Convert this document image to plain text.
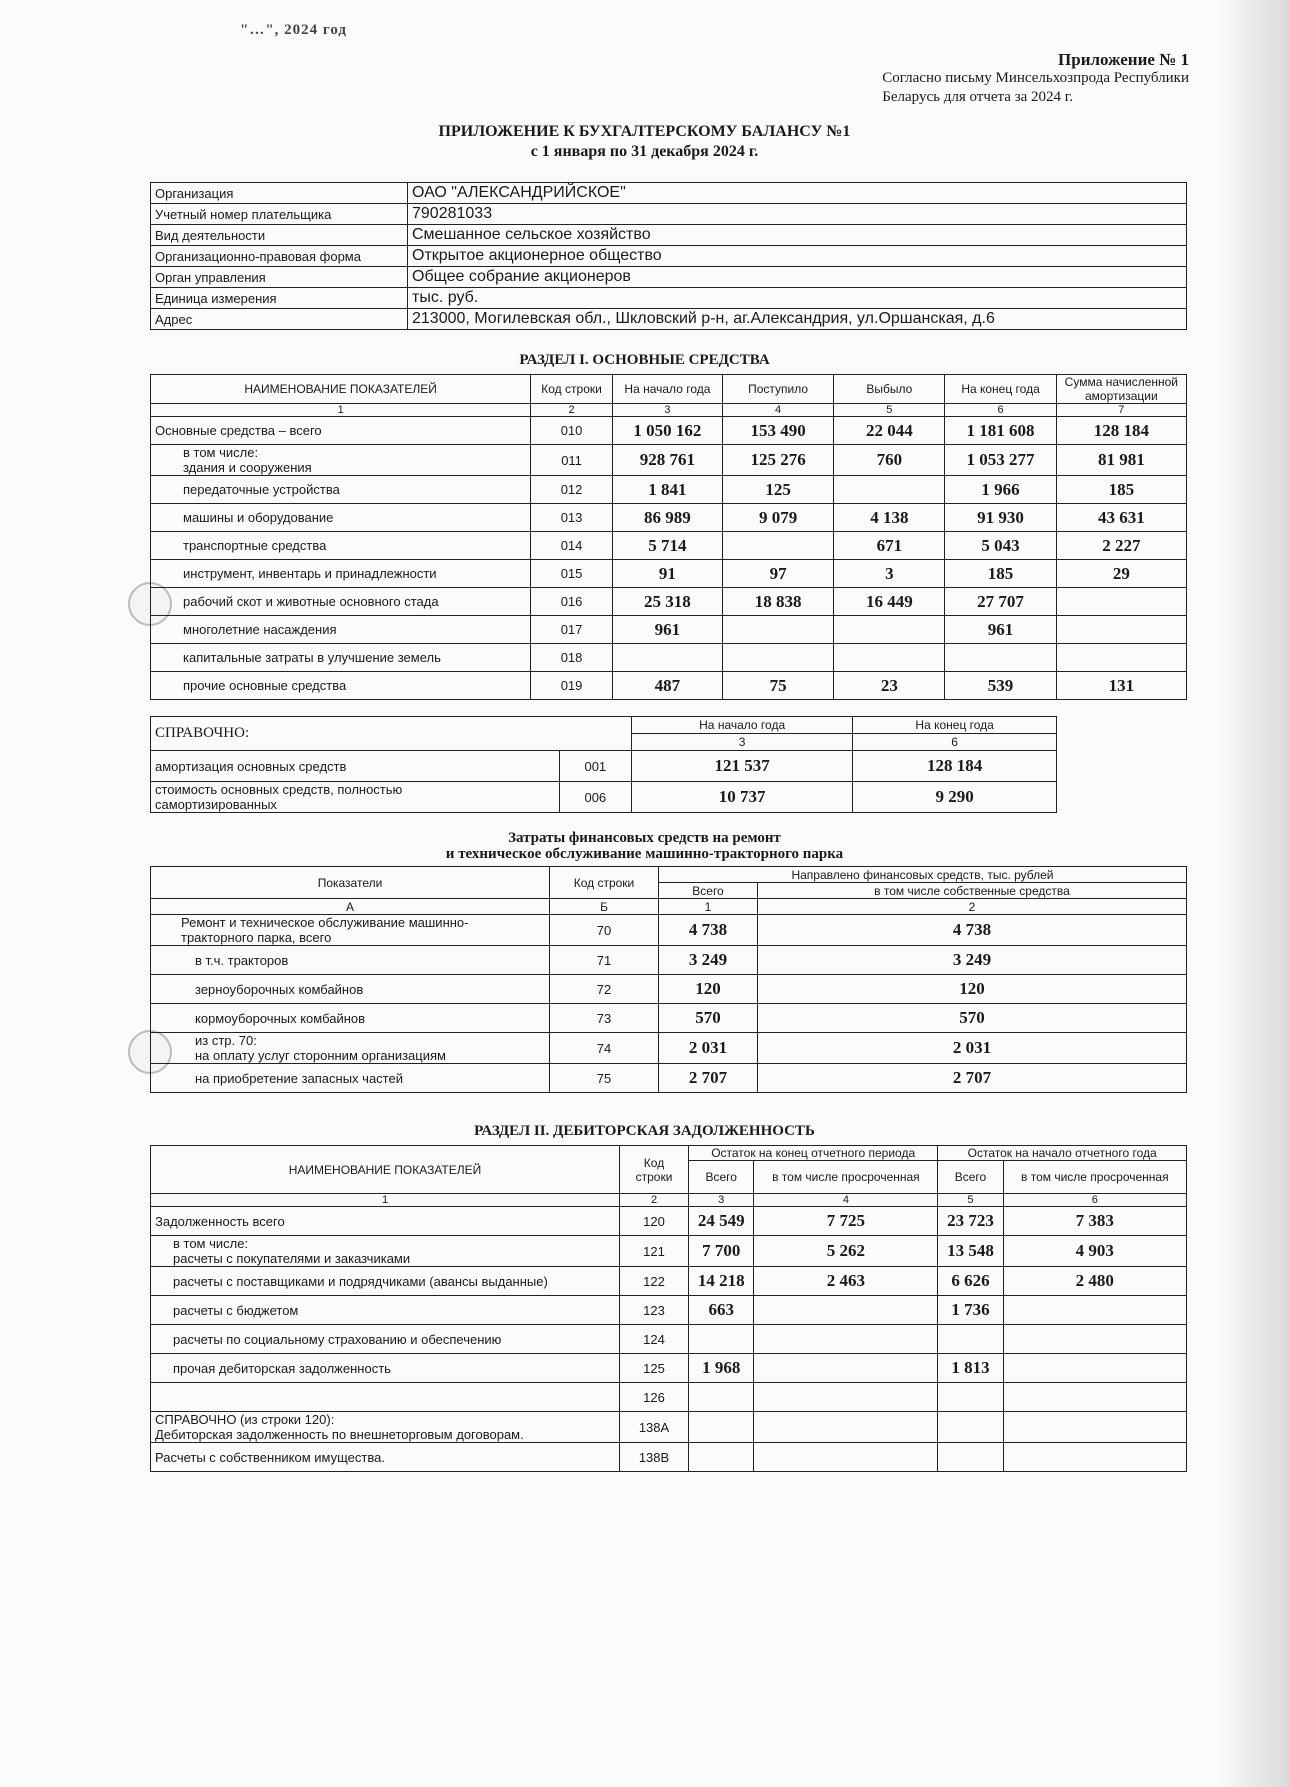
"…", 2024 год
Приложение № 1
Согласно письму Минсельхозпрода Республики
Беларусь для отчета за 2024 г.
ПРИЛОЖЕНИЕ К БУХГАЛТЕРСКОМУ БАЛАНСУ №1
с 1 января по 31 декабря 2024 г.
Организация	ОАО "АЛЕКСАНДРИЙСКОЕ"
Учетный номер плательщика	790281033
Вид деятельности	Смешанное сельское хозяйство
Организационно-правовая форма	Открытое акционерное общество
Орган управления	Общее собрание акционеров
Единица измерения	тыс. руб.
Адрес	213000, Могилевская обл., Шкловский р-н, аг.Александрия, ул.Оршанская, д.6
РАЗДЕЛ I. ОСНОВНЫЕ СРЕДСТВА
НАИМЕНОВАНИЕ ПОКАЗАТЕЛЕЙ	Код строки	На начало года	Поступило	Выбыло	На конец года	Сумма начисленной амортизации
1	2	3	4	5	6	7
Основные средства – всего	010	1 050 162	153 490	22 044	1 181 608	128 184
в том числе:
здания и сооружения	011	928 761	125 276	760	1 053 277	81 981
передаточные устройства	012	1 841	125		1 966	185
машины и оборудование	013	86 989	9 079	4 138	91 930	43 631
транспортные средства	014	5 714		671	5 043	2 227
инструмент, инвентарь и принадлежности	015	91	97	3	185	29
рабочий скот и животные основного стада	016	25 318	18 838	16 449	27 707	
многолетние насаждения	017	961			961	
капитальные затраты в улучшение земель	018					
прочие основные средства	019	487	75	23	539	131
СПРАВОЧНО:		На начало года	На конец года
		3	6
амортизация основных средств	001	121 537	128 184
стоимость основных средств, полностью
самортизированных	006	10 737	9 290
Затраты финансовых средств на ремонт
и техническое обслуживание машинно-тракторного парка
Показатели	Код строки	Направлено финансовых средств, тыс. рублей	
		Всего	в том числе собственные средства
А	Б	1	2
Ремонт и техническое обслуживание машинно-
тракторного парка, всего	70	4 738	4 738
в т.ч. тракторов	71	3 249	3 249
зерноуборочных комбайнов	72	120	120
кормоуборочных комбайнов	73	570	570
из стр. 70:
на оплату услуг сторонним организациям	74	2 031	2 031
на приобретение запасных частей	75	2 707	2 707
РАЗДЕЛ II. ДЕБИТОРСКАЯ ЗАДОЛЖЕННОСТЬ
НАИМЕНОВАНИЕ ПОКАЗАТЕЛЕЙ	Код строки	Остаток на конец отчетного периода		Остаток на начало отчетного года	
		Всего	в том числе просроченная	Всего	в том числе просроченная
1	2	3	4	5	6
Задолженность всего	120	24 549	7 725	23 723	7 383
в том числе:
расчеты с покупателями и заказчиками	121	7 700	5 262	13 548	4 903
расчеты с поставщиками и подрядчиками (авансы выданные)	122	14 218	2 463	6 626	2 480
расчеты с бюджетом	123	663		1 736	
расчеты по социальному страхованию и обеспечению	124				
прочая дебиторская задолженность	125	1 968		1 813	
	126				
СПРАВОЧНО (из строки 120):
Дебиторская задолженность по внешнеторговым договорам.	138А				
Расчеты с собственником имущества.	138В				
